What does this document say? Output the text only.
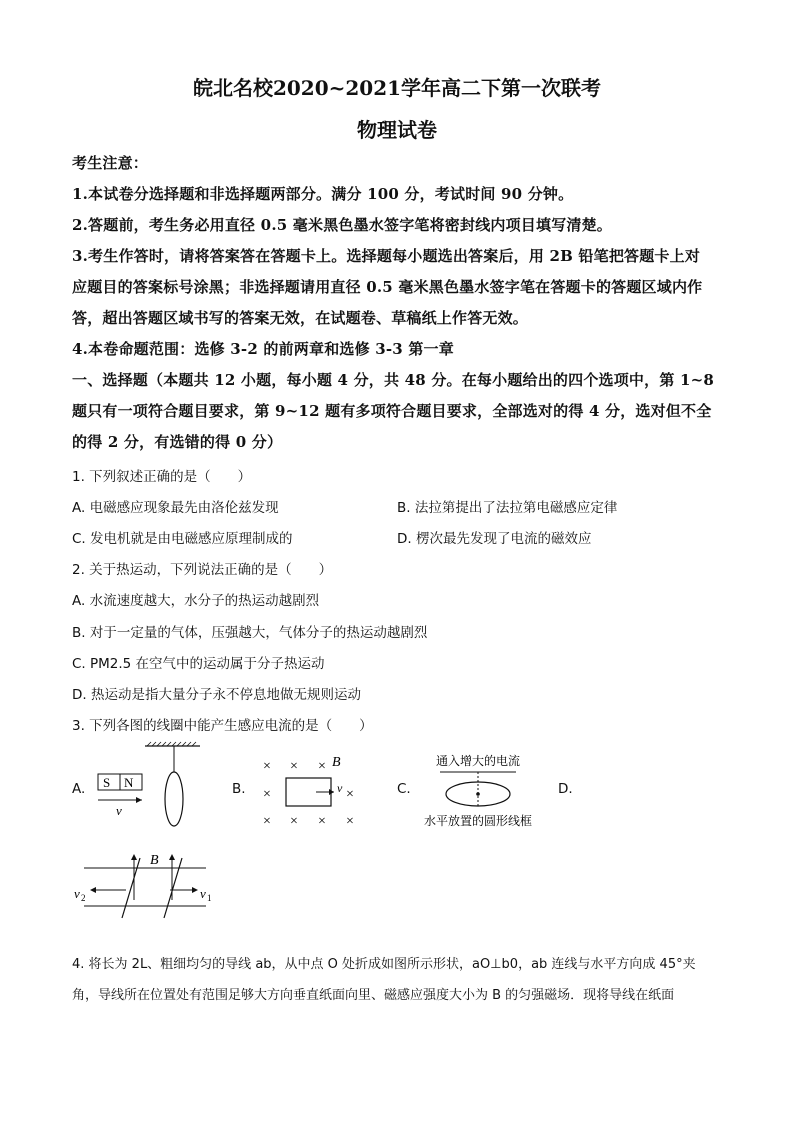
皖北名校2020~2021学年高二下第一次联考
物理试卷
考生注意：
1.本试卷分选择题和非选择题两部分。满分 100 分，考试时间 90 分钟。
2.答题前，考生务必用直径 0.5 毫米黑色墨水签字笔将密封线内项目填写清楚。
3.考生作答时，请将答案答在答题卡上。选择题每小题选出答案后，用 2B 铅笔把答题卡上对
应题目的答案标号涂黑；非选择题请用直径 0.5 毫米黑色墨水签字笔在答题卡的答题区域内作
答，超出答题区域书写的答案无效，在试题卷、草稿纸上作答无效。
4.本卷命题范围：选修 3-2 的前两章和选修 3-3 第一章
一、选择题（本题共 12 小题，每小题 4 分，共 48 分。在每小题给出的四个选项中，第 1~8
题只有一项符合题目要求，第 9~12 题有多项符合题目要求，全部选对的得 4 分，选对但不全
的得 2 分，有选错的得 0 分）
1. 下列叙述正确的是（　　）
A. 电磁感应现象最先由洛伦兹发现	B. 法拉第提出了法拉第电磁感应定律
C. 发电机就是由电磁感应原理制成的	D. 楞次最先发现了电流的磁效应
2. 关于热运动，下列说法正确的是（　　）
A. 水流速度越大，水分子的热运动越剧烈
B. 对于一定量的气体，压强越大，气体分子的热运动越剧烈
C. PM2.5 在空气中的运动属于分子热运动
D. 热运动是指大量分子永不停息地做无规则运动
3. 下列各图的线圈中能产生感应电流的是（　　）
A.	B.	C.	D.
S N
v
× × ×
×	×
× × × ×
B
v
通入增大的电流
水平放置的圆形线框
B
v 2	v 1
4. 将长为 2L、粗细均匀的导线 ab，从中点 O 处折成如图所示形状，aO⊥b0，ab 连线与水平方向成 45°夹
角，导线所在位置处有范围足够大方向垂直纸面向里、磁感应强度大小为 B 的匀强磁场．现将导线在纸面
